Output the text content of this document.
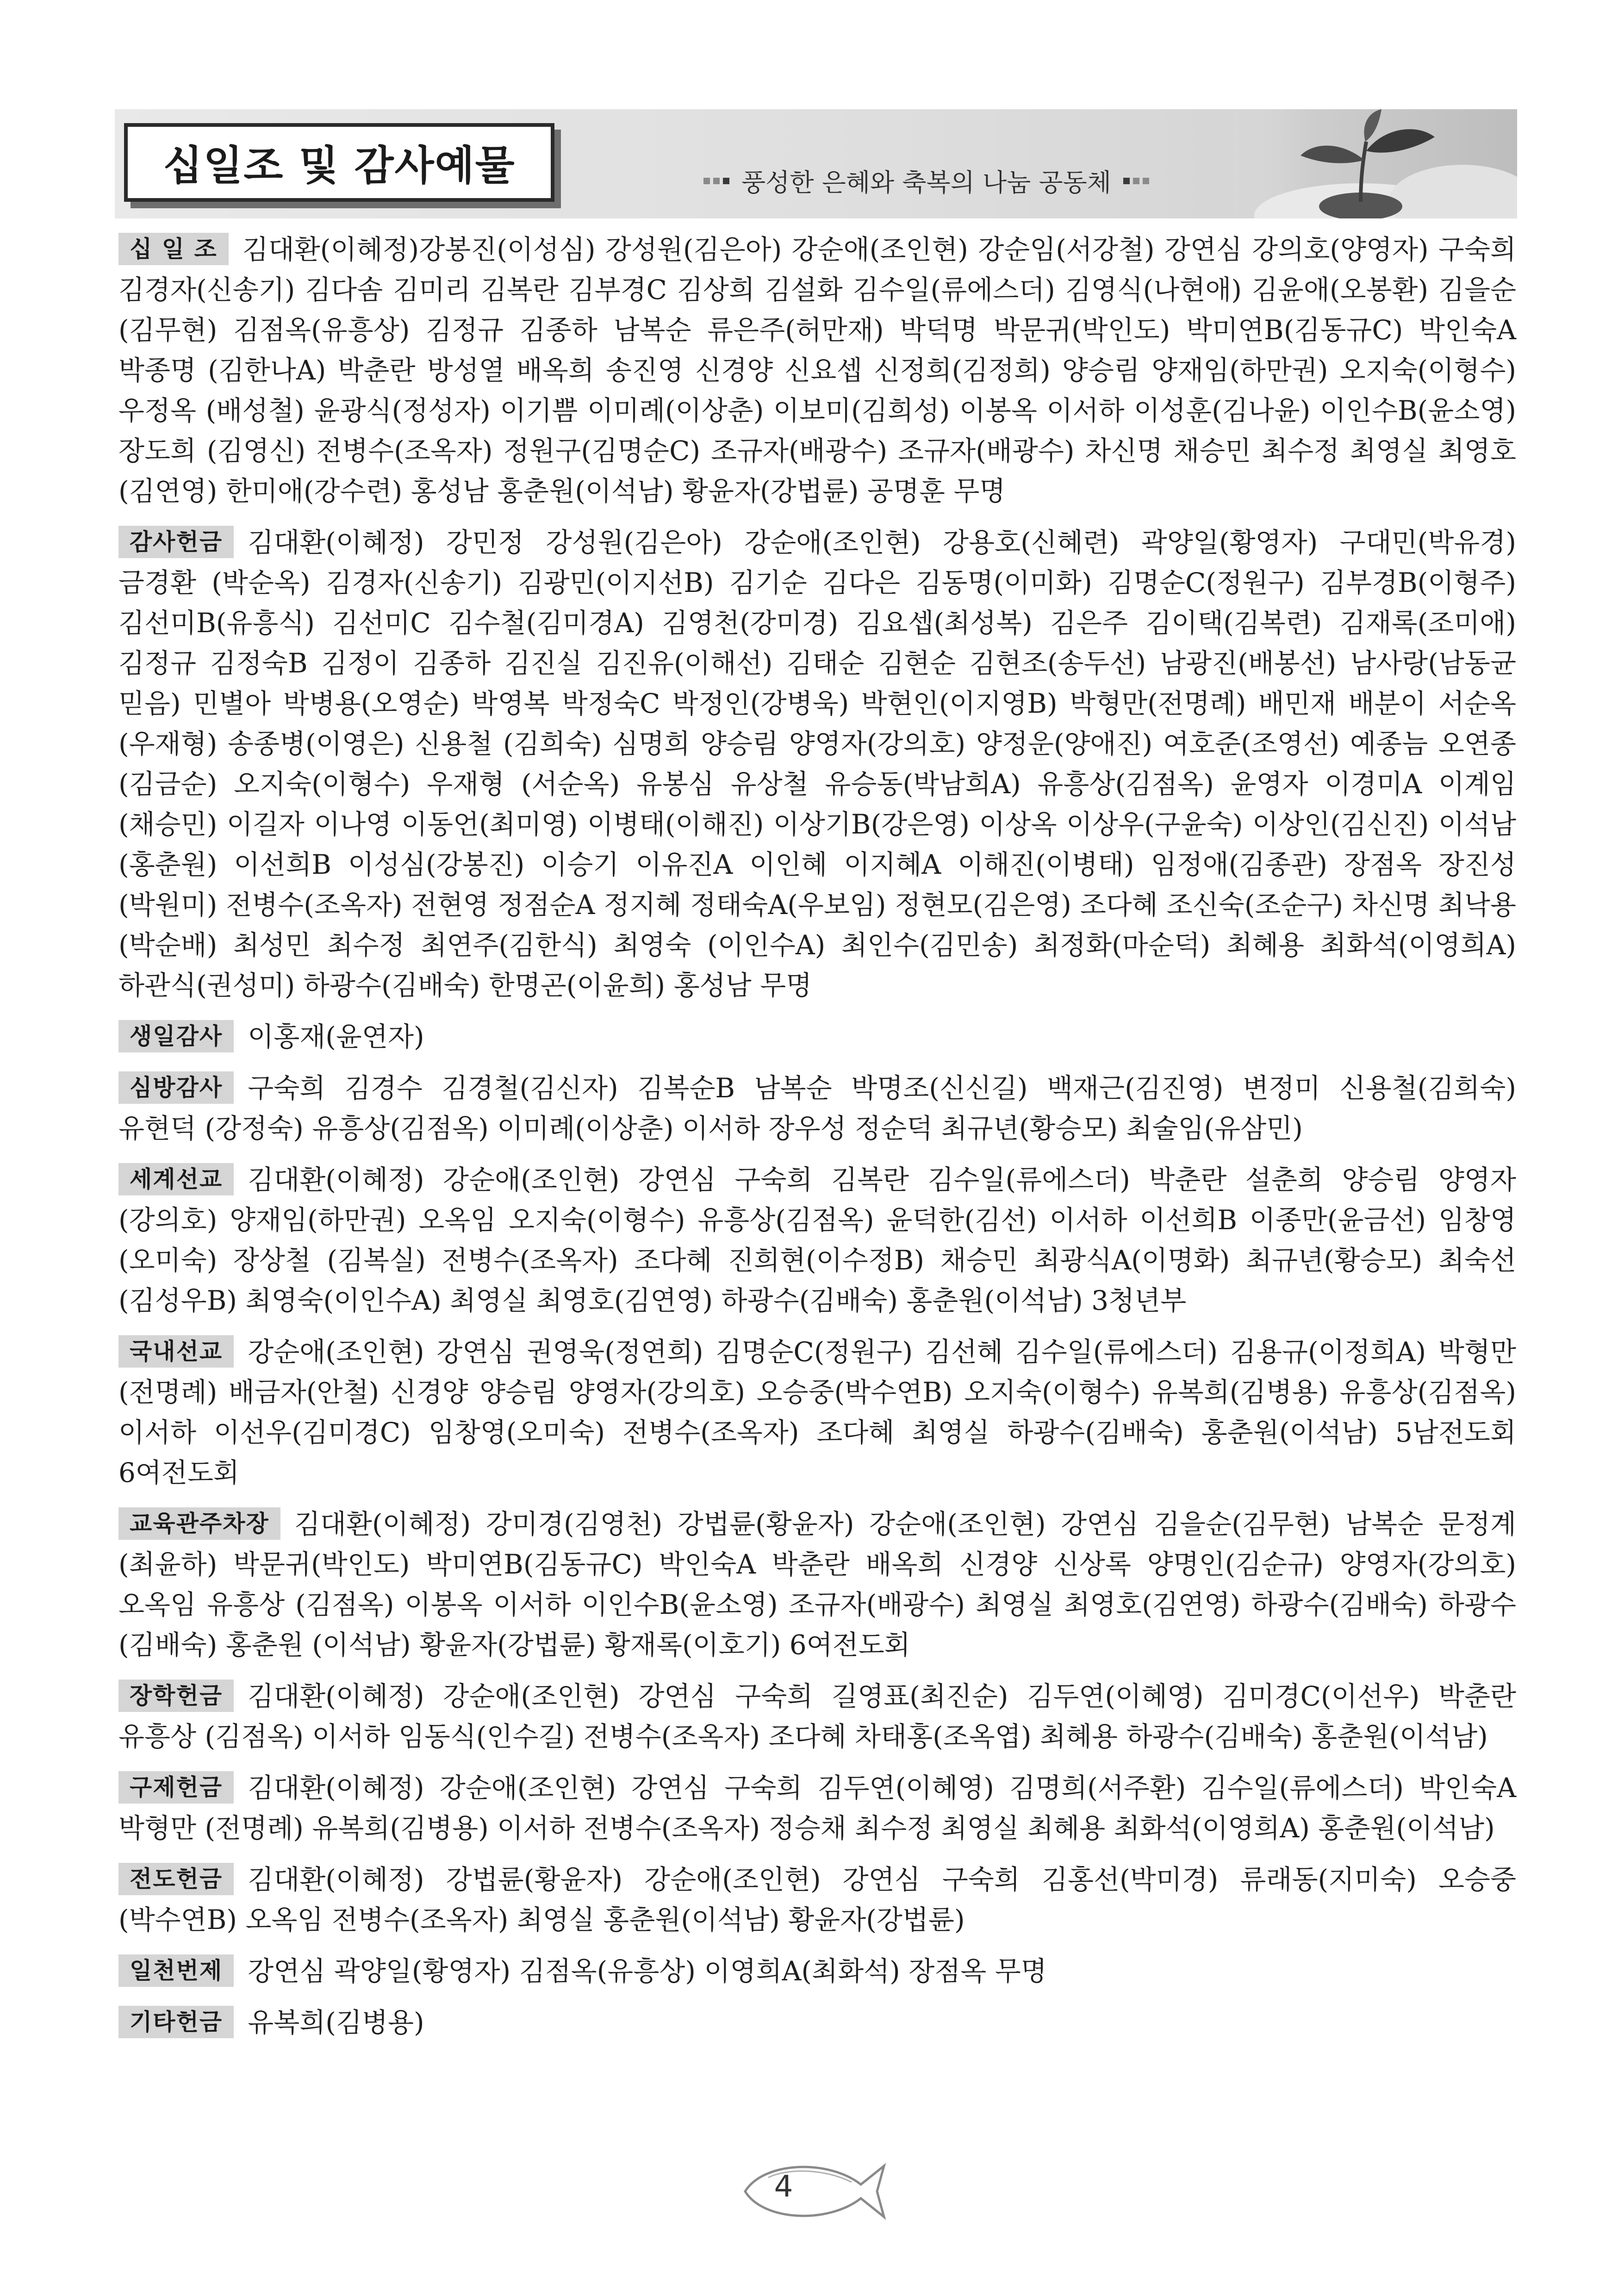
십일조 및 감사예물	풍성한 은혜와 축복의 나눔 공동체

십 일 조 김대환(이혜정)강봉진(이성심) 강성원(김은아) 강순애(조인현) 강순임(서강철) 강연심 강의호(양영자) 구숙희 김경자(신송기) 김다솜 김미리 김복란 김부경C 김상희 김설화 김수일(류에스더) 김영식(나현애) 김윤애(오봉환) 김을순 (김무현) 김점옥(유흥상) 김정규 김종하 남복순 류은주(허만재) 박덕명 박문귀(박인도) 박미연B(김동규C) 박인숙A 박종명 (김한나A) 박춘란 방성열 배옥희 송진영 신경양 신요셉 신정희(김정희) 양승림 양재임(하만권) 오지숙(이형수) 우정옥 (배성철) 윤광식(정성자) 이기쁨 이미례(이상춘) 이보미(김희성) 이봉옥 이서하 이성훈(김나윤) 이인수B(윤소영) 장도희 (김영신) 전병수(조옥자) 정원구(김명순C) 조규자(배광수) 조규자(배광수) 차신명 채승민 최수정 최영실 최영호(김연영) 한미애(강수련) 홍성남 홍춘원(이석남) 황윤자(강법륜) 공명훈 무명

감사헌금 김대환(이혜정) 강민정 강성원(김은아) 강순애(조인현) 강용호(신혜련) 곽양일(황영자) 구대민(박유경) 금경환 (박순옥) 김경자(신송기) 김광민(이지선B) 김기순 김다은 김동명(이미화) 김명순C(정원구) 김부경B(이형주) 김선미B(유흥식) 김선미C 김수철(김미경A) 김영천(강미경) 김요셉(최성복) 김은주 김이택(김복련) 김재록(조미애) 김정규 김정숙B 김정이 김종하 김진실 김진유(이해선) 김태순 김현순 김현조(송두선) 남광진(배봉선) 남사랑(남동균 믿음) 민별아 박병용(오영순) 박영복 박정숙C 박정인(강병욱) 박현인(이지영B) 박형만(전명례) 배민재 배분이 서순옥(우재형) 송종병(이영은) 신용철 (김희숙) 심명희 양승림 양영자(강의호) 양정운(양애진) 여호준(조영선) 예종늠 오연종(김금순) 오지숙(이형수) 우재형 (서순옥) 유봉심 유상철 유승동(박남희A) 유흥상(김점옥) 윤영자 이경미A 이계임(채승민) 이길자 이나영 이동언(최미영) 이병태(이해진) 이상기B(강은영) 이상옥 이상우(구윤숙) 이상인(김신진) 이석남(홍춘원) 이선희B 이성심(강봉진) 이승기 이유진A 이인혜 이지혜A 이해진(이병태) 임정애(김종관) 장점옥 장진성(박원미) 전병수(조옥자) 전현영 정점순A 정지혜 정태숙A(우보임) 정현모(김은영) 조다혜 조신숙(조순구) 차신명 최낙용(박순배) 최성민 최수정 최연주(김한식) 최영숙 (이인수A) 최인수(김민송) 최정화(마순덕) 최혜용 최화석(이영희A) 하관식(권성미) 하광수(김배숙) 한명곤(이윤희) 홍성남 무명

생일감사 이홍재(윤연자)

심방감사 구숙희 김경수 김경철(김신자) 김복순B 남복순 박명조(신신길) 백재근(김진영) 변정미 신용철(김희숙) 유현덕 (강정숙) 유흥상(김점옥) 이미례(이상춘) 이서하 장우성 정순덕 최규년(황승모) 최술임(유삼민)

세계선교 김대환(이혜정) 강순애(조인현) 강연심 구숙희 김복란 김수일(류에스더) 박춘란 설춘희 양승림 양영자(강의호) 양재임(하만권) 오옥임 오지숙(이형수) 유흥상(김점옥) 윤덕한(김선) 이서하 이선희B 이종만(윤금선) 임창영(오미숙) 장상철 (김복실) 전병수(조옥자) 조다혜 진희현(이수정B) 채승민 최광식A(이명화) 최규년(황승모) 최숙선(김성우B) 최영숙(이인수A) 최영실 최영호(김연영) 하광수(김배숙) 홍춘원(이석남) 3청년부

국내선교 강순애(조인현) 강연심 권영욱(정연희) 김명순C(정원구) 김선혜 김수일(류에스더) 김용규(이정희A) 박형만 (전명례) 배금자(안철) 신경양 양승림 양영자(강의호) 오승중(박수연B) 오지숙(이형수) 유복희(김병용) 유흥상(김점옥) 이서하 이선우(김미경C) 임창영(오미숙) 전병수(조옥자) 조다혜 최영실 하광수(김배숙) 홍춘원(이석남) 5남전도회 6여전도회

교육관주차장 김대환(이혜정) 강미경(김영천) 강법륜(황윤자) 강순애(조인현) 강연심 김을순(김무현) 남복순 문정계(최윤하) 박문귀(박인도) 박미연B(김동규C) 박인숙A 박춘란 배옥희 신경양 신상록 양명인(김순규) 양영자(강의호) 오옥임 유흥상 (김점옥) 이봉옥 이서하 이인수B(윤소영) 조규자(배광수) 최영실 최영호(김연영) 하광수(김배숙) 하광수(김배숙) 홍춘원 (이석남) 황윤자(강법륜) 황재록(이호기) 6여전도회

장학헌금 김대환(이혜정) 강순애(조인현) 강연심 구숙희 길영표(최진순) 김두연(이혜영) 김미경C(이선우) 박춘란 유흥상 (김점옥) 이서하 임동식(인수길) 전병수(조옥자) 조다혜 차태홍(조옥엽) 최혜용 하광수(김배숙) 홍춘원(이석남)

구제헌금 김대환(이혜정) 강순애(조인현) 강연심 구숙희 김두연(이혜영) 김명희(서주환) 김수일(류에스더) 박인숙A 박형만 (전명례) 유복희(김병용) 이서하 전병수(조옥자) 정승채 최수정 최영실 최혜용 최화석(이영희A) 홍춘원(이석남)

전도헌금 김대환(이혜정) 강법륜(황윤자) 강순애(조인현) 강연심 구숙희 김홍선(박미경) 류래동(지미숙) 오승중(박수연B) 오옥임 전병수(조옥자) 최영실 홍춘원(이석남) 황윤자(강법륜)

일천번제 강연심 곽양일(황영자) 김점옥(유흥상) 이영희A(최화석) 장점옥 무명

기타헌금 유복희(김병용)

4
